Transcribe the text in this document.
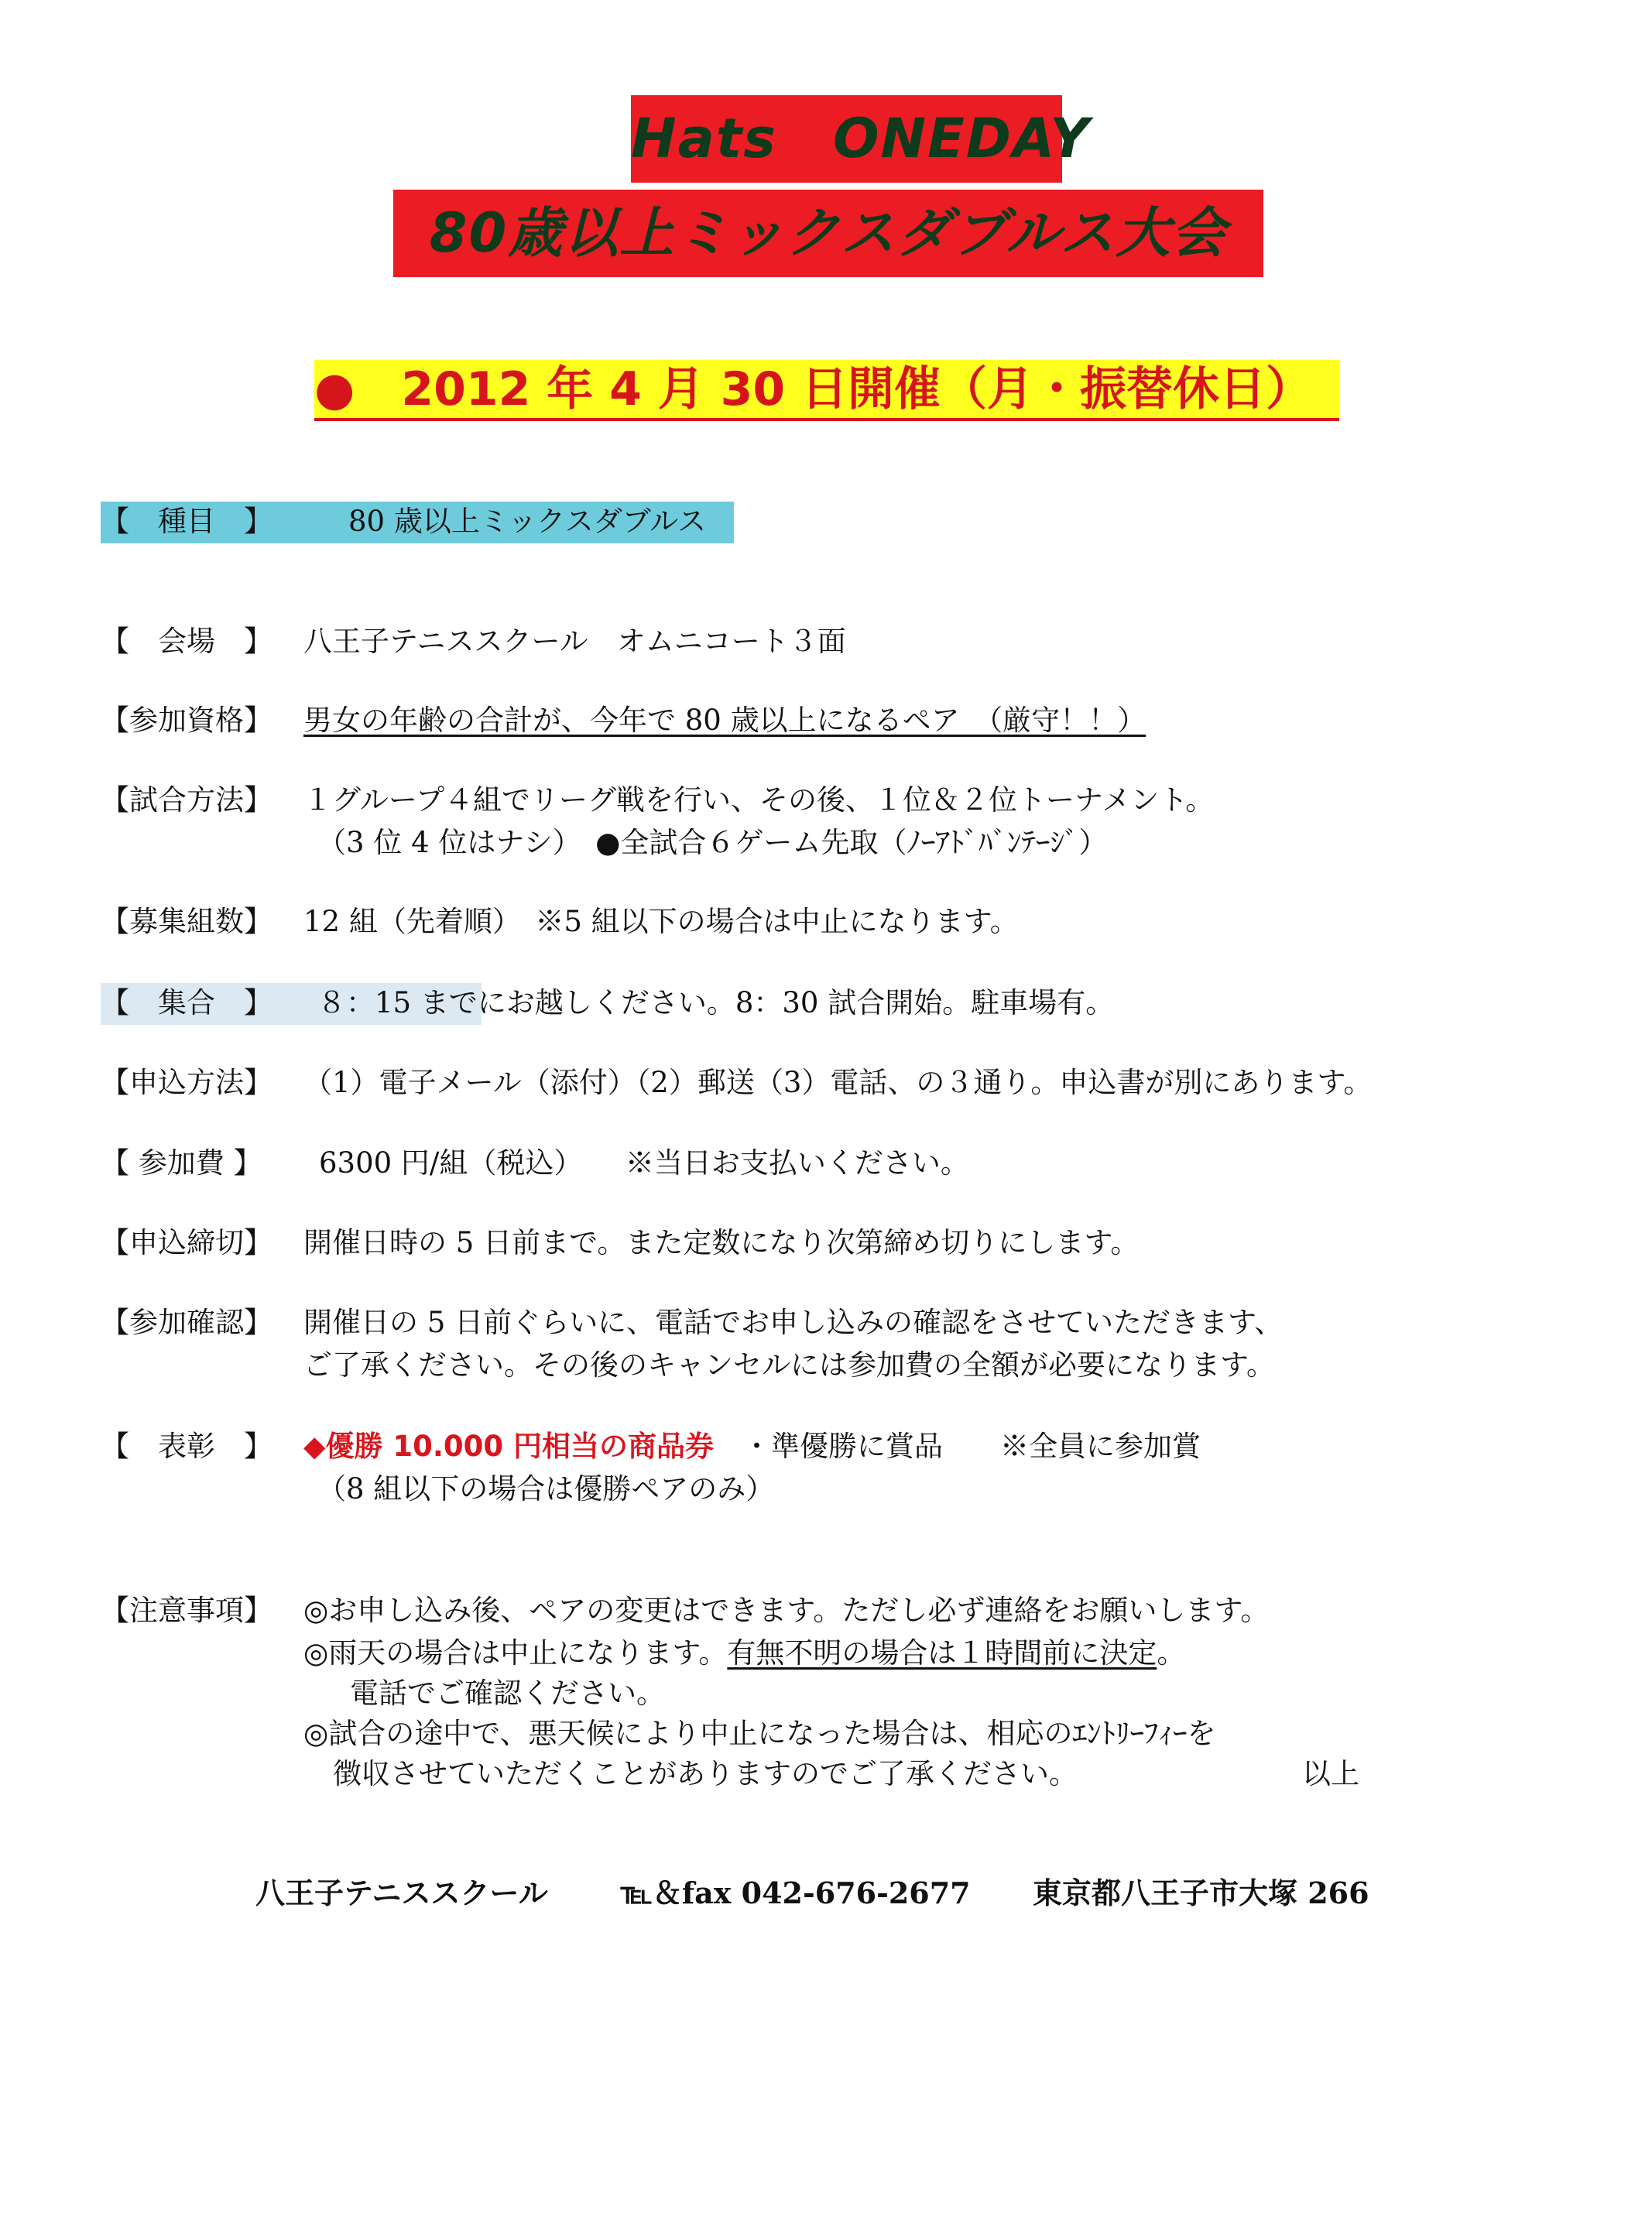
Hats　ONEDAY
80歳以上ミックスダブルス大会
●　2012 年 4 月 30 日開催（月・振替休日）
【　種目　】	80 歳以上ミックスダブルス
【　会場　】 八王子テニススクール　オムニコート３面
【参加資格】 男女の年齢の合計が、今年で 80 歳以上になるペア　（厳守！！）
【試合方法】 １グループ４組でリーグ戦を行い、その後、１位＆２位トーナメント。
（3 位 4 位はナシ）　●全試合６ゲーム先取（ﾉｰｱﾄﾞﾊﾞﾝﾃｰｼﾞ）
【募集組数】 12 組（先着順）　※5 組以下の場合は中止になります。
【　集合　】 ８：15 までにお越しください。8：30 試合開始。駐車場有。
【申込方法】 （1）電子メール（添付）（2）郵送（3）電話、の３通り。申込書が別にあります。
【 参加費 】 6300 円/組（税込）　　※当日お支払いください。
【申込締切】 開催日時の 5 日前まで。また定数になり次第締め切りにします。
【参加確認】 開催日の 5 日前ぐらいに、電話でお申し込みの確認をさせていただきます、
ご了承ください。その後のキャンセルには参加費の全額が必要になります。
【　表彰　】 ◆優勝 10.000 円相当の商品券　・準優勝に賞品　　※全員に参加賞
（8 組以下の場合は優勝ペアのみ）
【注意事項】 ◎お申し込み後、ペアの変更はできます。ただし必ず連絡をお願いします。
◎雨天の場合は中止になります。有無不明の場合は１時間前に決定。
電話でご確認ください。
◎試合の途中で、悪天候により中止になった場合は、相応のｴﾝﾄﾘｰﾌｨｰを
徴収させていただくことがありますのでご了承ください。	以上
八王子テニススクール ℡＆fax 042-676-2677 東京都八王子市大塚 266
